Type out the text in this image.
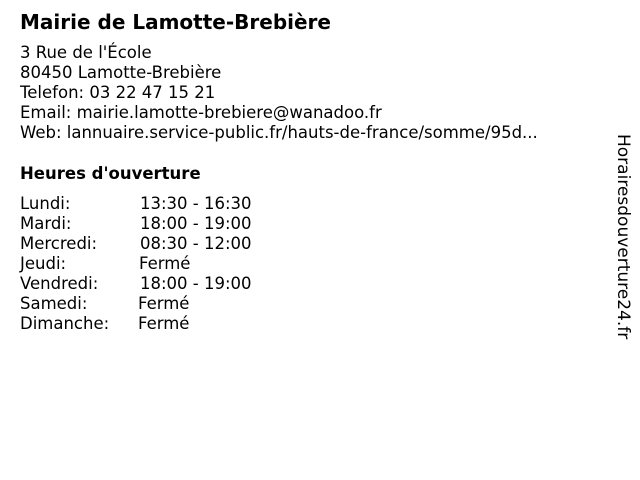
Mairie de Lamotte-Brebière
3 Rue de l'École
80450 Lamotte-Brebière
Telefon: 03 22 47 15 21
Email: mairie.lamotte-brebiere@wanadoo.fr
Web: lannuaire.service-public.fr/hauts-de-france/somme/95d...
Heures d'ouverture
Lundi:	13:30 - 16:30
Mardi:	18:00 - 19:00
Mercredi:	08:30 - 12:00
Jeudi:	Fermé
Vendredi:	18:00 - 19:00
Samedi:	Fermé
Dimanche: Fermé	Horairesdouverture24.fr
